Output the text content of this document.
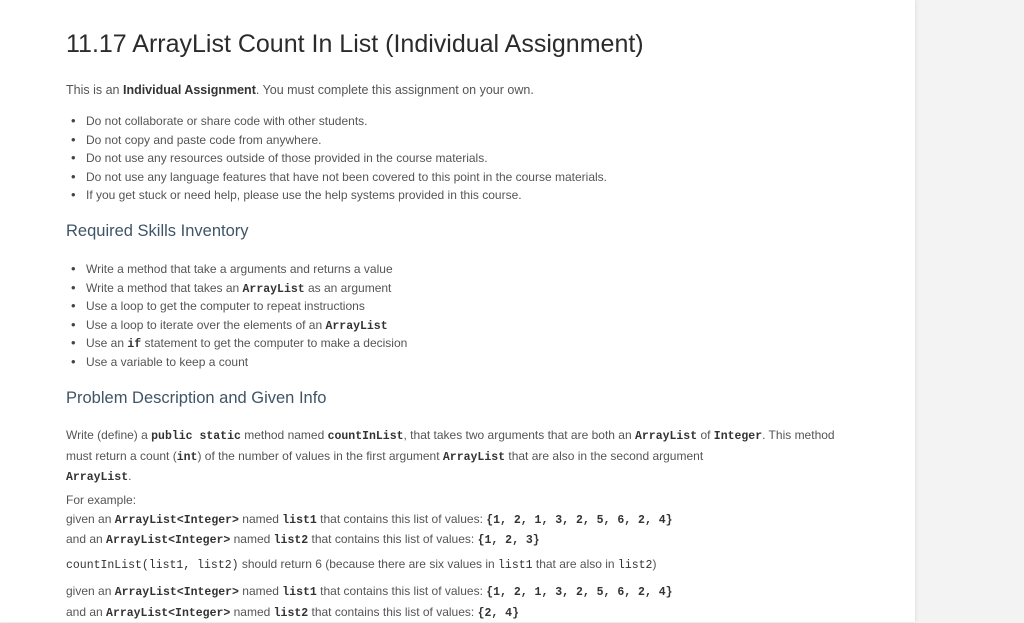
11.17 ArrayList Count In List (Individual Assignment)
This is an Individual Assignment. You must complete this assignment on your own.
• Do not collaborate or share code with other students.
• Do not copy and paste code from anywhere.
• Do not use any resources outside of those provided in the course materials.
• Do not use any language features that have not been covered to this point in the course materials.
• If you get stuck or need help, please use the help systems provided in this course.
Required Skills Inventory
• Write a method that take a arguments and returns a value
• Write a method that takes an ArrayList as an argument
• Use a loop to get the computer to repeat instructions
• Use a loop to iterate over the elements of an ArrayList
• Use an if statement to get the computer to make a decision
• Use a variable to keep a count
Problem Description and Given Info
Write (define) a public static method named countInList, that takes two arguments that are both an ArrayList of Integer. This method must return a count (int) of the number of values in the first argument ArrayList that are also in the second argument
ArrayList.
For example:
given an ArrayList<Integer> named list1 that contains this list of values: {1, 2, 1, 3, 2, 5, 6, 2, 4}
and an ArrayList<Integer> named list2 that contains this list of values: {1, 2, 3}
countInList(list1, list2) should return 6 (because there are six values in list1 that are also in list2)
given an ArrayList<Integer> named list1 that contains this list of values: {1, 2, 1, 3, 2, 5, 6, 2, 4}
and an ArrayList<Integer> named list2 that contains this list of values: {2, 4}
